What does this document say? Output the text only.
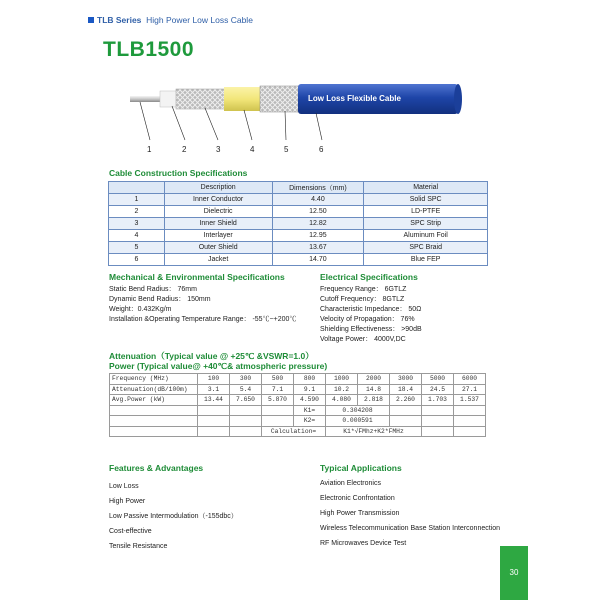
TLB Series High Power Low Loss Cable
TLB1500
Low Loss Flexible Cable
1	2	3	4	5	6
Cable Construction Specifications
	Description	Dimensions（mm)	Material
1	Inner Conductor	4.40	Solid SPC
2	Dielectric	12.50	LD-PTFE
3	Inner Shield	12.82	SPC Strip
4	Interlayer	12.95	Aluminum Foil
5	Outer Shield	13.67	SPC Braid
6	Jacket	14.70	Blue FEP
Mechanical & Environmental Specifications
Static Bend Radius： 76mm
Dynamic Bend Radius： 150mm
Weight：0.432Kg/m
Installation &Operating Temperature Range： -55℃~+200℃
Electrical Specifications
Frequency Range： 6GTLZ
Cutoff Frequency： 8GTLZ
Characteristic Impedance： 50Ω
Velocity of Propagation： 76%
Shielding Effectiveness： >90dB
Voltage Power： 4000V,DC
Attenuation（Typical value @ +25℃ &VSWR=1.0）
Power (Typical value@ +40℃& atmospheric pressure)
Frequency (MHz)	100	300	500	800	1000	2000	3000	5000	6000
Attenuation(dB/100m)	3.1	5.4	7.1	9.1	10.2	14.8	18.4	24.5	27.1
Avg.Power (kW)	13.44	7.650	5.870	4.590	4.080	2.818	2.260	1.703	1.537
				K1=	0.304208				
				K2=	0.000591				
			Calculation=		K1*√FMhz+K2*FMHz				
Features & Advantages
Low Loss
High Power
Low Passive Intermodulation（-155dbc）
Cost-effective
Tensile Resistance
Typical Applications
Aviation Electronics
Electronic Confrontation
High Power Transmission
Wireless Telecommunication Base Station Interconnection
RF Microwaves Device Test
30
